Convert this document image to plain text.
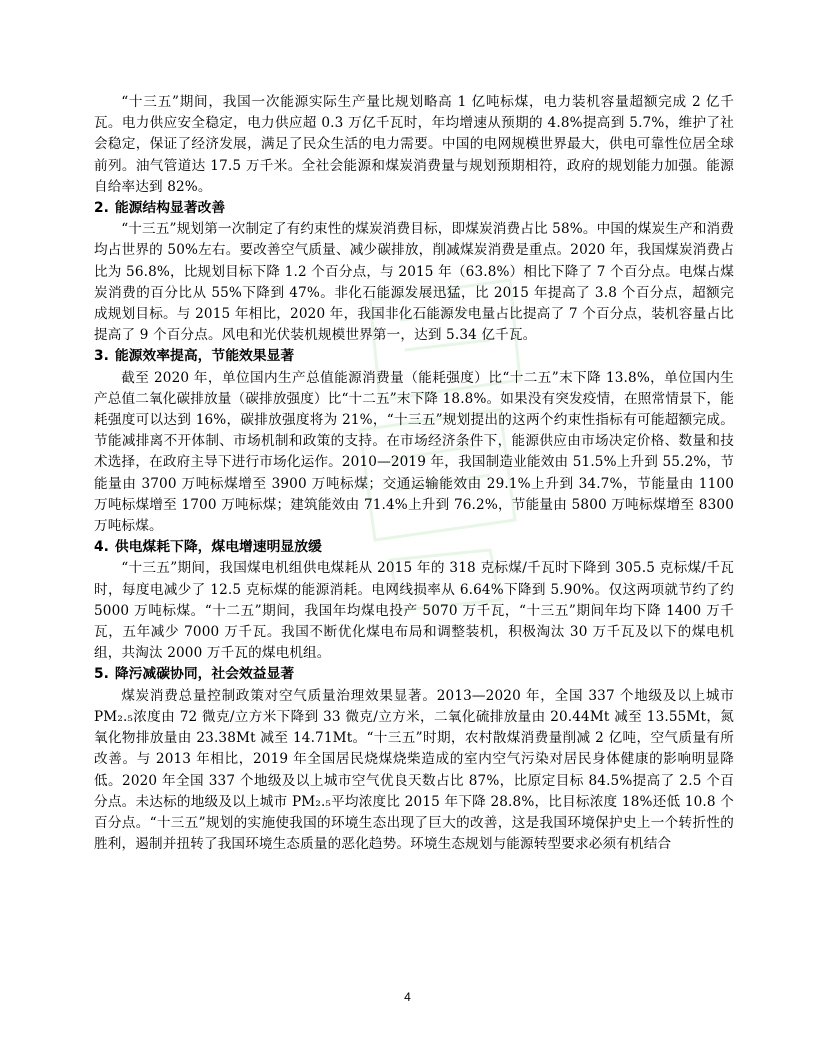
“十三五”期间，我国一次能源实际生产量比规划略高 1 亿吨标煤，电力装机容量超额完成 2 亿千瓦。电力供应安全稳定，电力供应超 0.3 万亿千瓦时，年均增速从预期的 4.8%提高到 5.7%，维护了社会稳定，保证了经济发展，满足了民众生活的电力需要。中国的电网规模世界最大，供电可靠性位居全球前列。油气管道达 17.5 万千米。全社会能源和煤炭消费量与规划预期相符，政府的规划能力加强。能源自给率达到 82%。

2. 能源结构显著改善

“十三五”规划第一次制定了有约束性的煤炭消费目标，即煤炭消费占比 58%。中国的煤炭生产和消费均占世界的 50%左右。要改善空气质量、减少碳排放，削减煤炭消费是重点。2020 年，我国煤炭消费占比为 56.8%，比规划目标下降 1.2 个百分点，与 2015 年（63.8%）相比下降了 7 个百分点。电煤占煤炭消费的百分比从 55%下降到 47%。非化石能源发展迅猛，比 2015 年提高了 3.8 个百分点，超额完成规划目标。与 2015 年相比，2020 年，我国非化石能源发电量占比提高了 7 个百分点，装机容量占比提高了 9 个百分点。风电和光伏装机规模世界第一，达到 5.34 亿千瓦。

3. 能源效率提高，节能效果显著

截至 2020 年，单位国内生产总值能源消费量（能耗强度）比“十二五”末下降 13.8%，单位国内生产总值二氧化碳排放量（碳排放强度）比“十二五”末下降 18.8%。如果没有突发疫情，在照常情景下，能耗强度可以达到 16%，碳排放强度将为 21%，“十三五”规划提出的这两个约束性指标有可能超额完成。节能减排离不开体制、市场机制和政策的支持。在市场经济条件下，能源供应由市场决定价格、数量和技术选择，在政府主导下进行市场化运作。2010—2019 年，我国制造业能效由 51.5%上升到 55.2%，节能量由 3700 万吨标煤增至 3900 万吨标煤；交通运输能效由 29.1%上升到 34.7%，节能量由 1100 万吨标煤增至 1700 万吨标煤；建筑能效由 71.4%上升到 76.2%，节能量由 5800 万吨标煤增至 8300 万吨标煤。

4. 供电煤耗下降，煤电增速明显放缓

“十三五”期间，我国煤电机组供电煤耗从 2015 年的 318 克标煤/千瓦时下降到 305.5 克标煤/千瓦时，每度电减少了 12.5 克标煤的能源消耗。电网线损率从 6.64%下降到 5.90%。仅这两项就节约了约 5000 万吨标煤。“十二五”期间，我国年均煤电投产 5070 万千瓦，“十三五”期间年均下降 1400 万千瓦，五年减少 7000 万千瓦。我国不断优化煤电布局和调整装机，积极淘汰 30 万千瓦及以下的煤电机组，共淘汰 2000 万千瓦的煤电机组。

5. 降污减碳协同，社会效益显著

煤炭消费总量控制政策对空气质量治理效果显著。2013—2020 年，全国 337 个地级及以上城市 PM₂.₅浓度由 72 微克/立方米下降到 33 微克/立方米，二氧化硫排放量由 20.44Mt 减至 13.55Mt，氮氧化物排放量由 23.38Mt 减至 14.71Mt。“十三五”时期，农村散煤消费量削减 2 亿吨，空气质量有所改善。与 2013 年相比，2019 年全国居民烧煤烧柴造成的室内空气污染对居民身体健康的影响明显降低。2020 年全国 337 个地级及以上城市空气优良天数占比 87%，比原定目标 84.5%提高了 2.5 个百分点。未达标的地级及以上城市 PM₂.₅平均浓度比 2015 年下降 28.8%，比目标浓度 18%还低 10.8 个百分点。“十三五”规划的实施使我国的环境生态出现了巨大的改善，这是我国环境保护史上一个转折性的胜利，遏制并扭转了我国环境生态质量的恶化趋势。环境生态规划与能源转型要求必须有机结合

4
